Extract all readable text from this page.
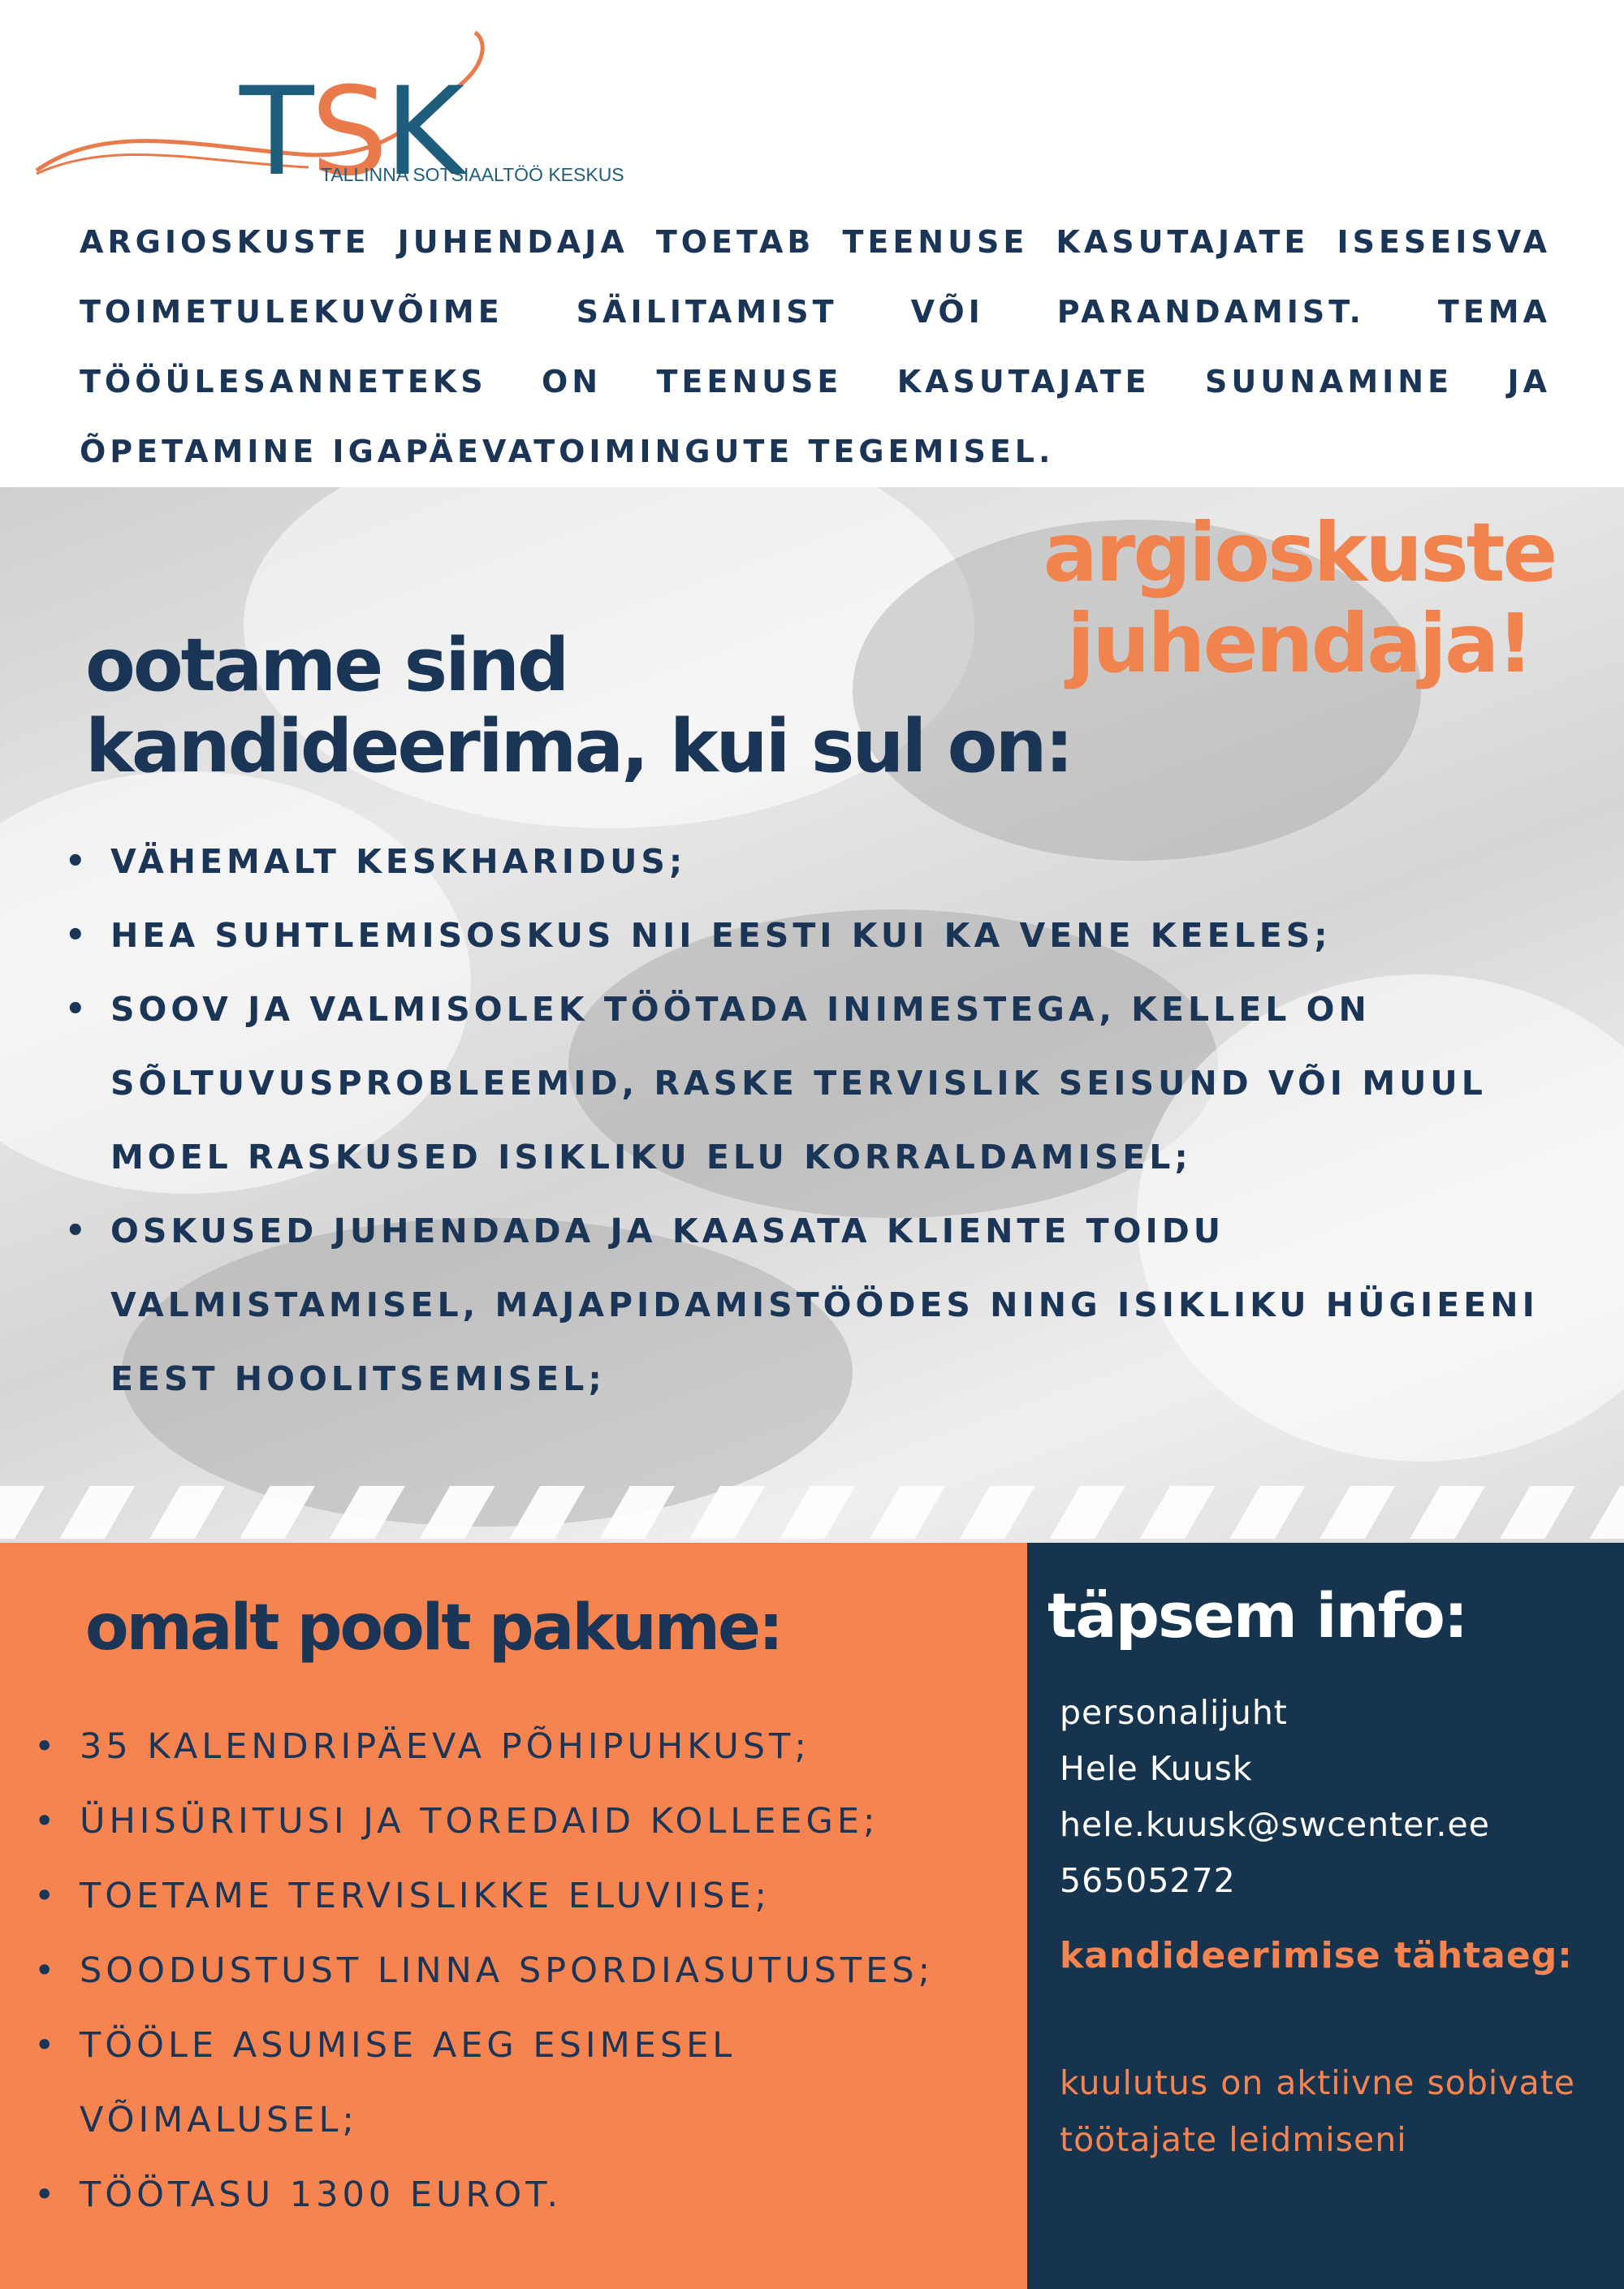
TSK
TALLINNA SOTSIAALTÖÖ KESKUS
ARGIOSKUSTE JUHENDAJA TOETAB TEENUSE KASUTAJATE ISESEISVA TOIMETULEKUVÕIME SÄILITAMIST VÕI PARANDAMIST. TEMA TÖÖÜLESANNETEKS ON TEENUSE KASUTAJATE SUUNAMINE JA ÕPETAMINE IGAPÄEVATOIMINGUTE TEGEMISEL.
argioskuste
juhendaja!
ootame sind
kandideerima, kui sul on:
• VÄHEMALT KESKHARIDUS;
• HEA SUHTLEMISOSKUS NII EESTI KUI KA VENE KEELES;
• SOOV JA VALMISOLEK TÖÖTADA INIMESTEGA, KELLEL ON SÕLTUVUSPROBLEEMID, RASKE TERVISLIK SEISUND VÕI MUUL MOEL RASKUSED ISIKLIKU ELU KORRALDAMISEL;
• OSKUSED JUHENDADA JA KAASATA KLIENTE TOIDU VALMISTAMISEL, MAJAPIDAMISTÖÖDES NING ISIKLIKU HÜGIEENI EEST HOOLITSEMISEL;
omalt poolt pakume:
• 35 KALENDRIPÄEVA PÕHIPUHKUST;
• ÜHISÜRITUSI JA TOREDAID KOLLEEGE;
• TOETAME TERVISLIKKE ELUVIISE;
• SOODUSTUST LINNA SPORDIASUTUSTES;
• TÖÖLE ASUMISE AEG ESIMESEL VÕIMALUSEL;
• TÖÖTASU 1300 EUROT.
täpsem info:
personalijuht
Hele Kuusk
hele.kuusk@swcenter.ee
56505272
kandideerimise tähtaeg:
kuulutus on aktiivne sobivate töötajate leidmiseni
